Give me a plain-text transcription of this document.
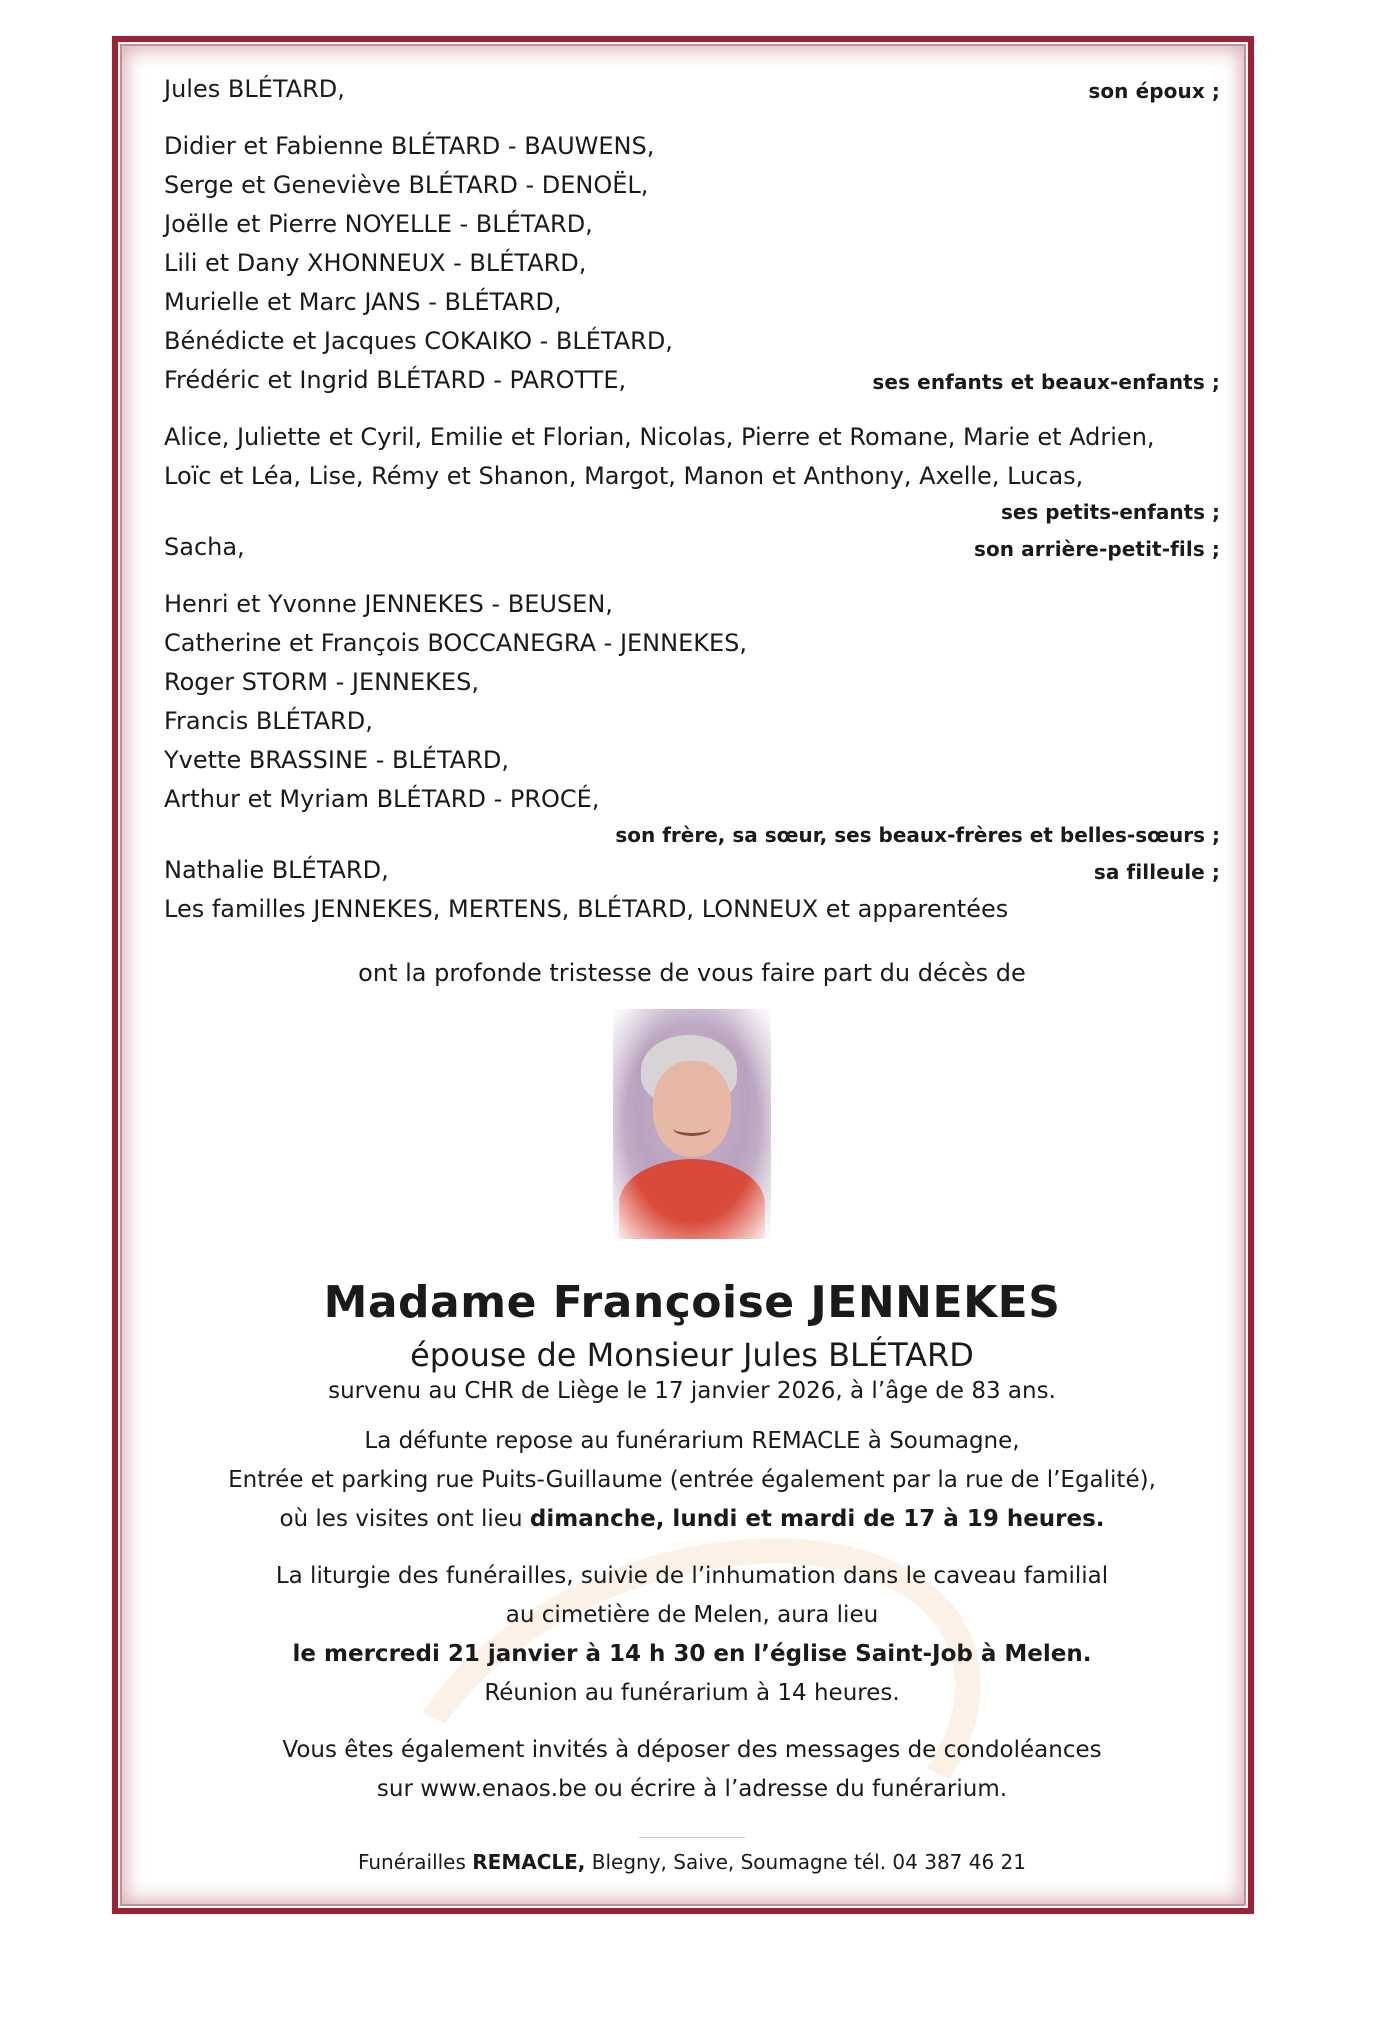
Jules BLÉTARD,	son époux ;
Didier et Fabienne BLÉTARD - BAUWENS,
Serge et Geneviève BLÉTARD - DENOËL,
Joëlle et Pierre NOYELLE - BLÉTARD,
Lili et Dany XHONNEUX - BLÉTARD,
Murielle et Marc JANS - BLÉTARD,
Bénédicte et Jacques COKAIKO - BLÉTARD,
Frédéric et Ingrid BLÉTARD - PAROTTE,	ses enfants et beaux-enfants ;
Alice, Juliette et Cyril, Emilie et Florian, Nicolas, Pierre et Romane, Marie et Adrien,
Loïc et Léa, Lise, Rémy et Shanon, Margot, Manon et Anthony, Axelle, Lucas,
ses petits-enfants ;
Sacha,	son arrière-petit-fils ;
Henri et Yvonne JENNEKES - BEUSEN,
Catherine et François BOCCANEGRA - JENNEKES,
Roger STORM - JENNEKES,
Francis BLÉTARD,
Yvette BRASSINE - BLÉTARD,
Arthur et Myriam BLÉTARD - PROCÉ,
son frère, sa sœur, ses beaux-frères et belles-sœurs ;
Nathalie BLÉTARD,	sa filleule ;
Les familles JENNEKES, MERTENS, BLÉTARD, LONNEUX et apparentées
ont la profonde tristesse de vous faire part du décès de
Madame Françoise JENNEKES
épouse de Monsieur Jules BLÉTARD
survenu au CHR de Liège le 17 janvier 2026, à l’âge de 83 ans.
La défunte repose au funérarium REMACLE à Soumagne,
Entrée et parking rue Puits-Guillaume (entrée également par la rue de l’Egalité),
où les visites ont lieu dimanche, lundi et mardi de 17 à 19 heures.
La liturgie des funérailles, suivie de l’inhumation dans le caveau familial
au cimetière de Melen, aura lieu
le mercredi 21 janvier à 14 h 30 en l’église Saint-Job à Melen.
Réunion au funérarium à 14 heures.
Vous êtes également invités à déposer des messages de condoléances
sur www.enaos.be ou écrire à l’adresse du funérarium.
Funérailles REMACLE, Blegny, Saive, Soumagne tél. 04 387 46 21
